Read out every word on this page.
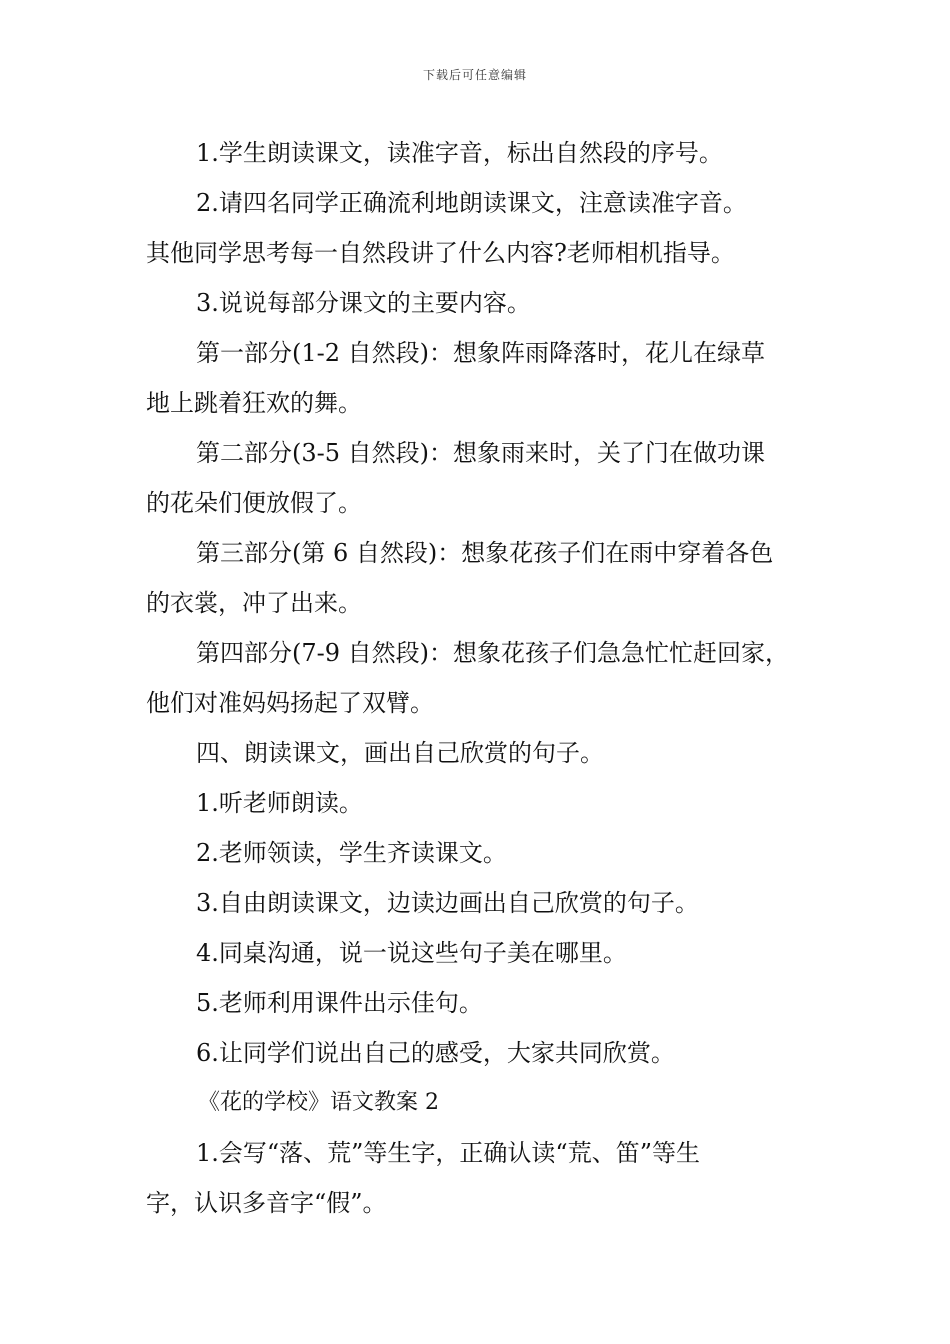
下载后可任意编辑
1.学生朗读课文，读准字音，标出自然段的序号。
2.请四名同学正确流利地朗读课文，注意读准字音。
其他同学思考每一自然段讲了什么内容?老师相机指导。
3.说说每部分课文的主要内容。
第一部分(1-2 自然段)：想象阵雨降落时，花儿在绿草
地上跳着狂欢的舞。
第二部分(3-5 自然段)：想象雨来时，关了门在做功课
的花朵们便放假了。
第三部分(第 6 自然段)：想象花孩子们在雨中穿着各色
的衣裳，冲了出来。
第四部分(7-9 自然段)：想象花孩子们急急忙忙赶回家，
他们对准妈妈扬起了双臂。
四、朗读课文，画出自己欣赏的句子。
1.听老师朗读。
2.老师领读，学生齐读课文。
3.自由朗读课文，边读边画出自己欣赏的句子。
4.同桌沟通，说一说这些句子美在哪里。
5.老师利用课件出示佳句。
6.让同学们说出自己的感受，大家共同欣赏。
《花的学校》语文教案 2
1.会写“落、荒”等生字，正确认读“荒、笛”等生
字，认识多音字“假”。
